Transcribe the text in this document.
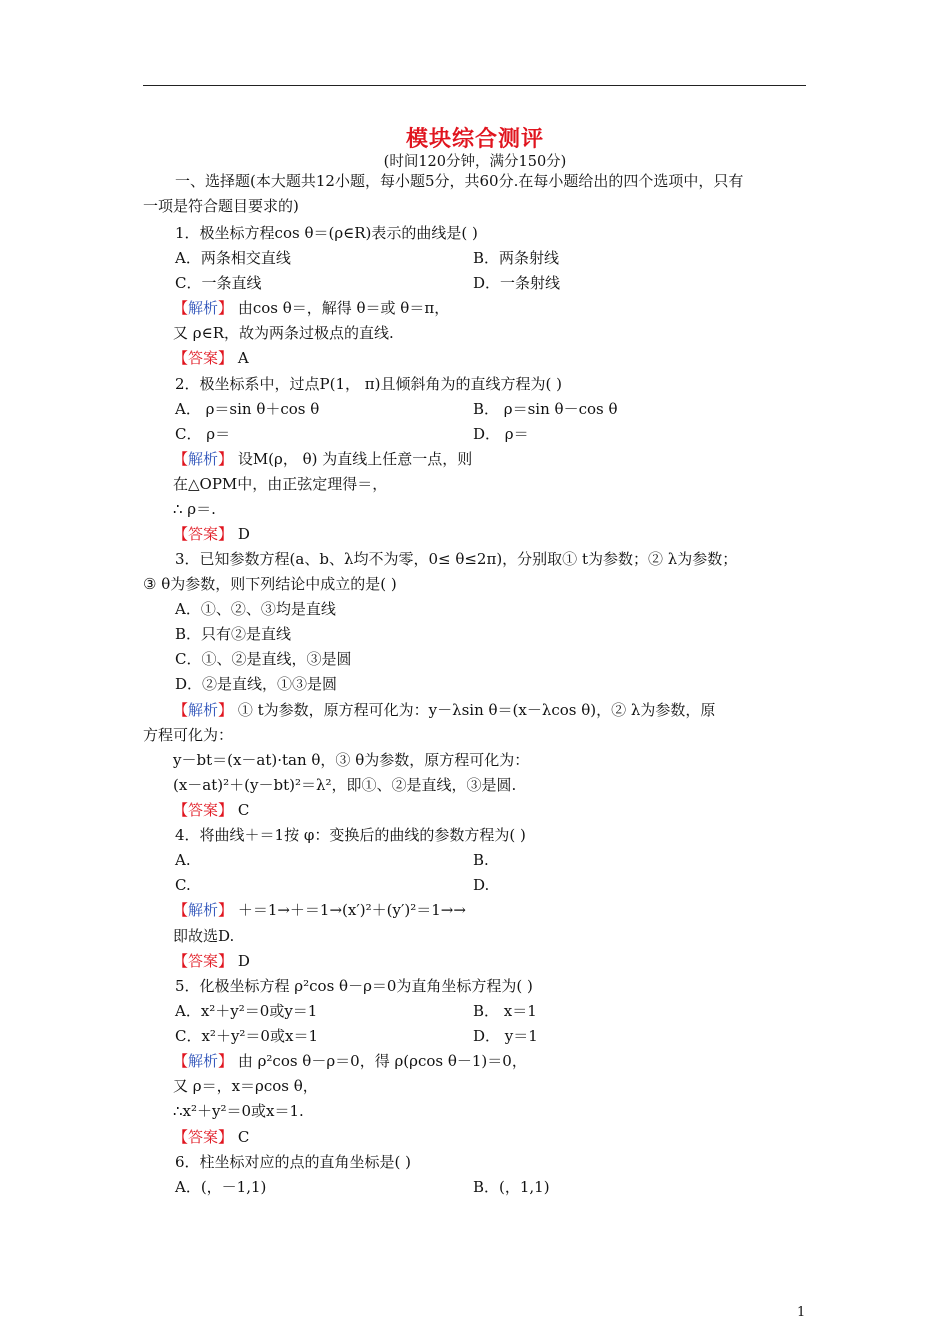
模块综合测评
(时间120分钟，满分150分)
一、选择题(本大题共12小题，每小题5分，共60分.在每小题给出的四个选项中，只有
一项是符合题目要求的)
1．极坐标方程cos θ＝(ρ∈R)表示的曲线是( )
A．两条相交直线	B．两条射线
C．一条直线	D．一条射线
【解析】 由cos θ＝，解得 θ＝或 θ＝π，
又 ρ∈R，故为两条过极点的直线.
【答案】 A
2．极坐标系中，过点P(1， π)且倾斜角为的直线方程为( )
A． ρ＝sin θ＋cos θ	B． ρ＝sin θ－cos θ
C． ρ＝	D． ρ＝
【解析】 设M(ρ， θ) 为直线上任意一点，则
在△OPM中，由正弦定理得＝，
∴ ρ＝.
【答案】 D
3．已知参数方程(a、b、λ均不为零，0≤ θ≤2π)，分别取① t为参数；② λ为参数；
③ θ为参数，则下列结论中成立的是( )
A．①、②、③均是直线
B．只有②是直线
C．①、②是直线，③是圆
D．②是直线，①③是圆
【解析】 ① t为参数，原方程可化为：y－λsin θ＝(x－λcos θ)，② λ为参数，原
方程可化为：
y－bt＝(x－at)·tan θ，③ θ为参数，原方程可化为：
(x－at)²＋(y－bt)²＝λ²，即①、②是直线，③是圆.
【答案】 C
4．将曲线＋＝1按 φ：变换后的曲线的参数方程为( )
A.	B.
C.	D.
【解析】 ＋＝1→＋＝1→(x′)²＋(y′)²＝1→→
即故选D.
【答案】 D
5．化极坐标方程 ρ²cos θ－ρ＝0为直角坐标方程为( )
A．x²＋y²＝0或y＝1	B． x＝1
C．x²＋y²＝0或x＝1	D． y＝1
【解析】 由 ρ²cos θ－ρ＝0，得 ρ(ρcos θ－1)＝0，
又 ρ＝，x＝ρcos θ，
∴x²＋y²＝0或x＝1.
【答案】 C
6．柱坐标对应的点的直角坐标是( )
A．(，－1,1)	B．(，1,1)
1
